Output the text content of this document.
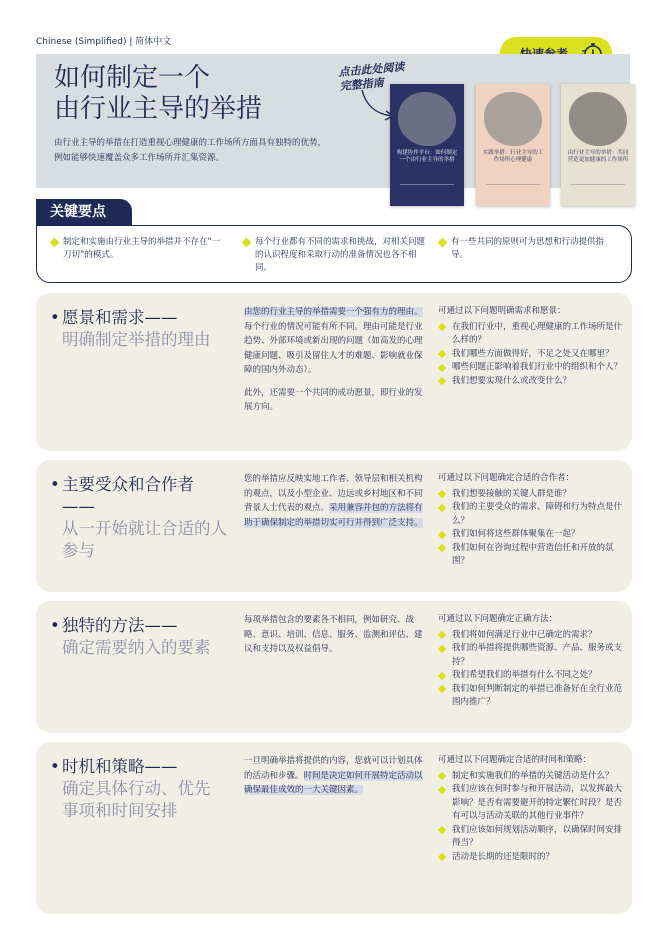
Chinese (Simplified) | 简体中文
如何制定一个
由行业主导的举措
由行业主导的举措在打造重视心理健康的工作场所方面具有独特的优势，例如能够快速覆盖众多工作场所并汇集资源。
点击此处阅读
完整指南
构建协作平台：如何制定一个由行业主导的举措
实践举措：行业主导的工作场所心理健康
由行业主导的举措：共同营造更加健康的工作场所
关键要点
制定和实施由行业主导的举措并不存在“一刀切”的模式。
每个行业都有不同的需求和挑战，对相关问题的认识程度和采取行动的准备情况也各不相同。
有一些共同的原则可为思想和行动提供指导。
• 愿景和需求——
明确制定举措的理由

由您的行业主导的举措需要一个强有力的理由。每个行业的情况可能有所不同。理由可能是行业趋势、外部环境或新出现的问题（如高发的心理健康问题、吸引及留住人才的难题、影响就业保障的国内外动态）。

此外，还需要一个共同的成功愿景，即行业的发展方向。

可通过以下问题明确需求和愿景：
在我们行业中，重视心理健康的工作场所是什么样的？
我们哪些方面做得好，不足之处又在哪里？
哪些问题正影响着我们行业中的组织和个人？
我们想要实现什么或改变什么？
• 主要受众和合作者——
从一开始就让合适的人参与

您的举措应反映实地工作者、领导层和相关机构的观点，以及小型企业、边远或乡村地区和不同背景人士代表的观点。采用兼容并包的方法将有助于确保制定的举措切实可行并得到广泛支持。

可通过以下问题确定合适的合作者：
我们想要接触的关键人群是谁？
我们的主要受众的需求、障碍和行为特点是什么？
我们如何将这些群体聚集在一起？
我们如何在咨询过程中营造信任和开放的氛围？
• 独特的方法——
确定需要纳入的要素

每项举措包含的要素各不相同，例如研究、战略、意识、培训、信息、服务、监测和评估、建议和支持以及权益倡导。

可通过以下问题确定正确方法：
我们将如何满足行业中已确定的需求？
我们的举措将提供哪些资源、产品、服务或支持？
我们希望我们的举措有什么不同之处？
我们如何判断制定的举措已准备好在全行业范围内推广？
• 时机和策略——
确定具体行动、优先事项和时间安排

一旦明确举措将提供的内容，您就可以计划具体的活动和步骤。时间是决定如何开展特定活动以确保最佳成效的一大关键因素。

可通过以下问题确定合适的时间和策略：
制定和实施我们的举措的关键活动是什么？
我们应该在何时参与和开展活动，以发挥最大影响？是否有需要避开的特定繁忙时段？是否有可以与活动关联的其他行业事件？
我们应该如何规划活动顺序，以确保时间安排得当？
活动是长期的还是限时的？
